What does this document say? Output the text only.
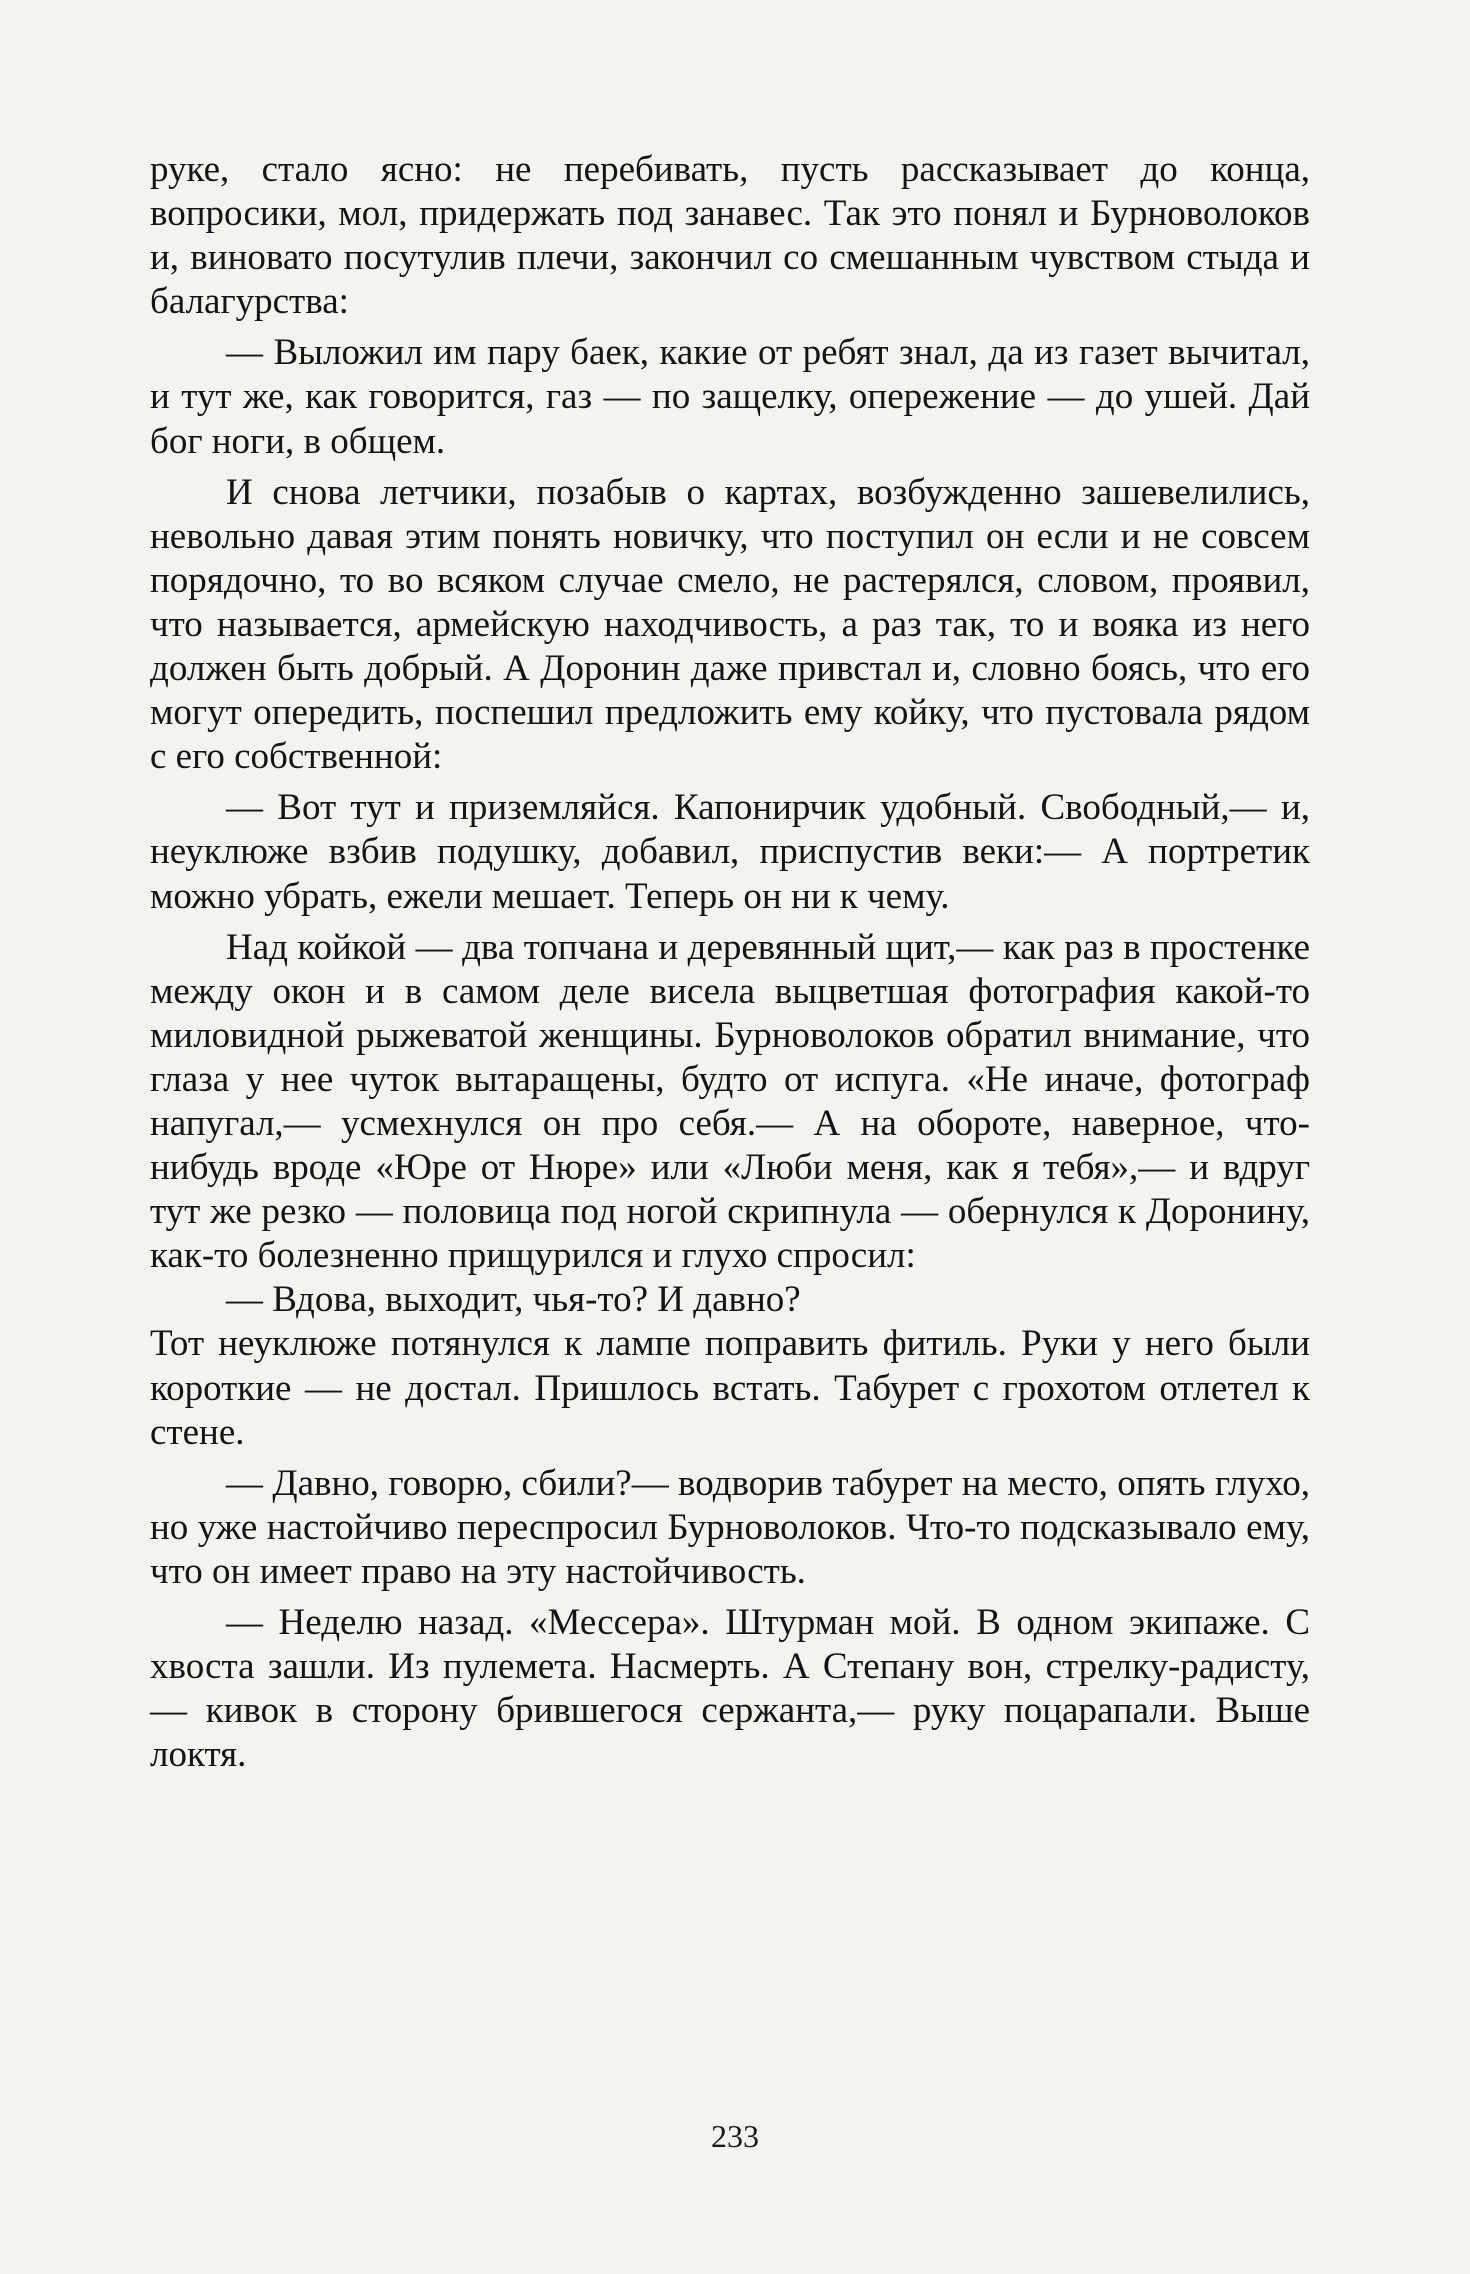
руке, стало ясно: не перебивать, пусть рассказывает до конца, вопросики, мол, придержать под занавес. Так это понял и Бурноволоков и, виновато посутулив плечи, закончил со смешанным чувством стыда и балагурства:

— Выложил им пару баек, какие от ребят знал, да из газет вычитал, и тут же, как говорится, газ — по защелку, опережение — до ушей. Дай бог ноги, в общем.

И снова летчики, позабыв о картах, возбужденно зашевелились, невольно давая этим понять новичку, что поступил он если и не совсем порядочно, то во всяком случае смело, не растерялся, словом, проявил, что называется, армейскую находчивость, а раз так, то и вояка из него должен быть добрый. А Доронин даже привстал и, словно боясь, что его могут опередить, поспешил предложить ему койку, что пустовала рядом с его собственной:

— Вот тут и приземляйся. Капонирчик удобный. Свободный,— и, неуклюже взбив подушку, добавил, приспустив веки:— А портретик можно убрать, ежели мешает. Теперь он ни к чему.

Над койкой — два топчана и деревянный щит,— как раз в простенке между окон и в самом деле висела выцветшая фотография какой-то миловидной рыжеватой женщины. Бурноволоков обратил внимание, что глаза у нее чуток вытаращены, будто от испуга. «Не иначе, фотограф напугал,— усмехнулся он про себя.— А на обороте, наверное, что-нибудь вроде «Юре от Нюре» или «Люби меня, как я тебя»,— и вдруг тут же резко — половица под ногой скрипнула — обернулся к Доронину, как-то болезненно прищурился и глухо спросил:

— Вдова, выходит, чья-то? И давно?

Тот неуклюже потянулся к лампе поправить фитиль. Руки у него были короткие — не достал. Пришлось встать. Табурет с грохотом отлетел к стене.

— Давно, говорю, сбили?— водворив табурет на место, опять глухо, но уже настойчиво переспросил Бурноволоков. Что-то подсказывало ему, что он имеет право на эту настойчивость.

— Неделю назад. «Мессера». Штурман мой. В одном экипаже. С хвоста зашли. Из пулемета. Насмерть. А Степану вон, стрелку-радисту,— кивок в сторону брившегося сержанта,— руку поцарапали. Выше локтя.

233
